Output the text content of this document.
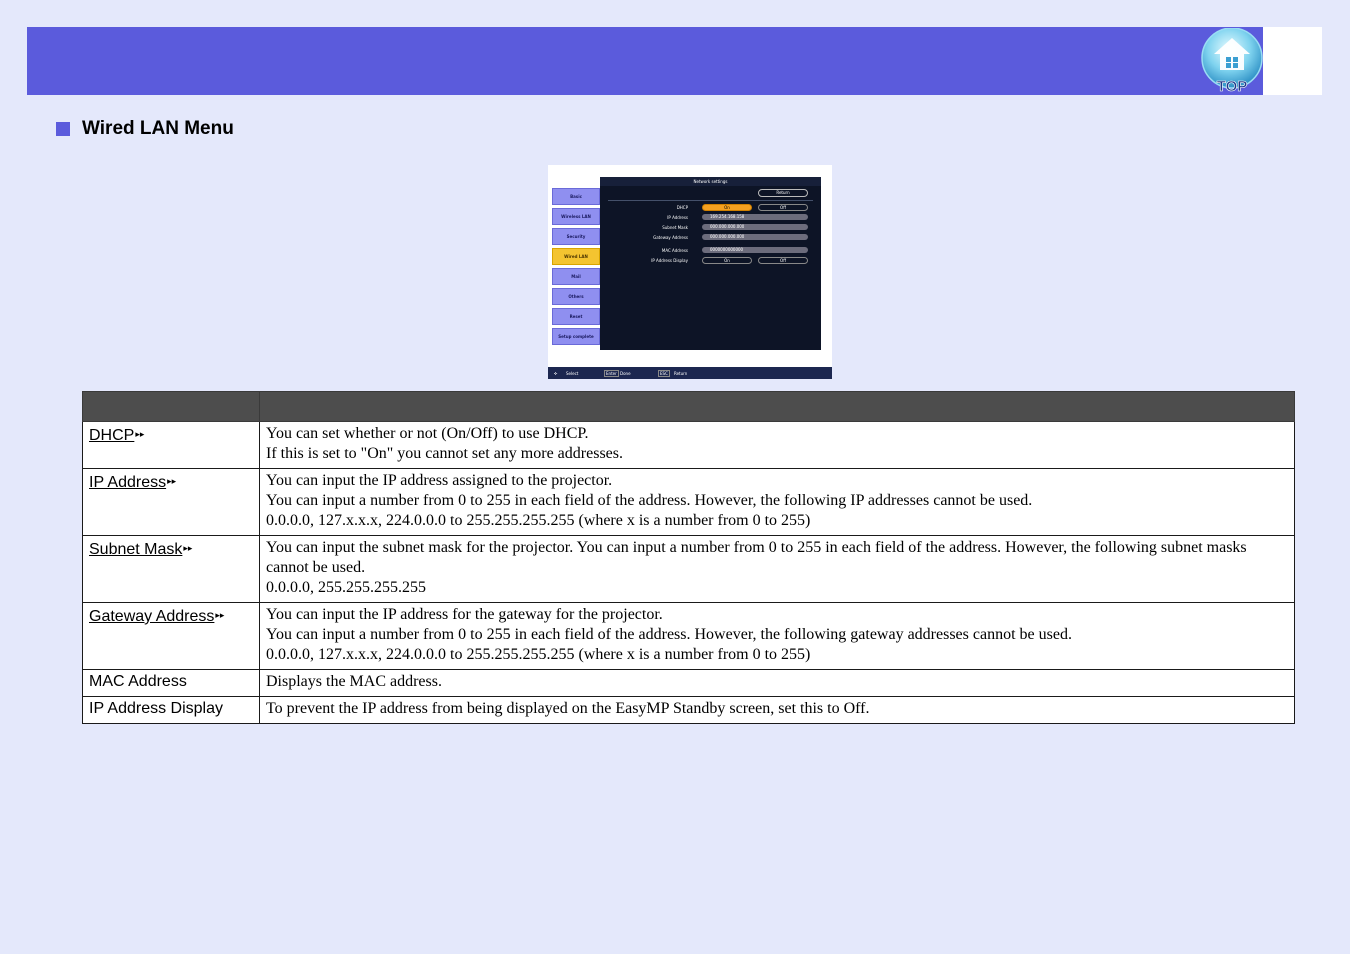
TOP
Wired LAN Menu
Basic
Wireless LAN
Security
Wired LAN
Mail
Others
Reset
Setup complete
Network settings
Return
DHCP	On	Off
IP Address	169.254.168.158
Subnet Mask	000.000.000.000
Gateway Address	000.000.000.000
MAC Address	0000000000000
IP Address Display	On	Off
✣ Select	Enter Done	ESC	Return

DHCP▸▸	You can set whether or not (On/Off) to use DHCP.
If this is set to "On" you cannot set any more addresses.

IP Address▸▸	You can input the IP address assigned to the projector.
You can input a number from 0 to 255 in each field of the address. However, the following IP addresses cannot be used.
0.0.0.0, 127.x.x.x, 224.0.0.0 to 255.255.255.255 (where x is a number from 0 to 255)

Subnet Mask▸▸	You can input the subnet mask for the projector. You can input a number from 0 to 255 in each field of the address. However, the following subnet masks cannot be used.
0.0.0.0, 255.255.255.255

Gateway Address▸▸	You can input the IP address for the gateway for the projector.
You can input a number from 0 to 255 in each field of the address. However, the following gateway addresses cannot be used.
0.0.0.0, 127.x.x.x, 224.0.0.0 to 255.255.255.255 (where x is a number from 0 to 255)

MAC Address	Displays the MAC address.

IP Address Display	To prevent the IP address from being displayed on the EasyMP Standby screen, set this to Off.
